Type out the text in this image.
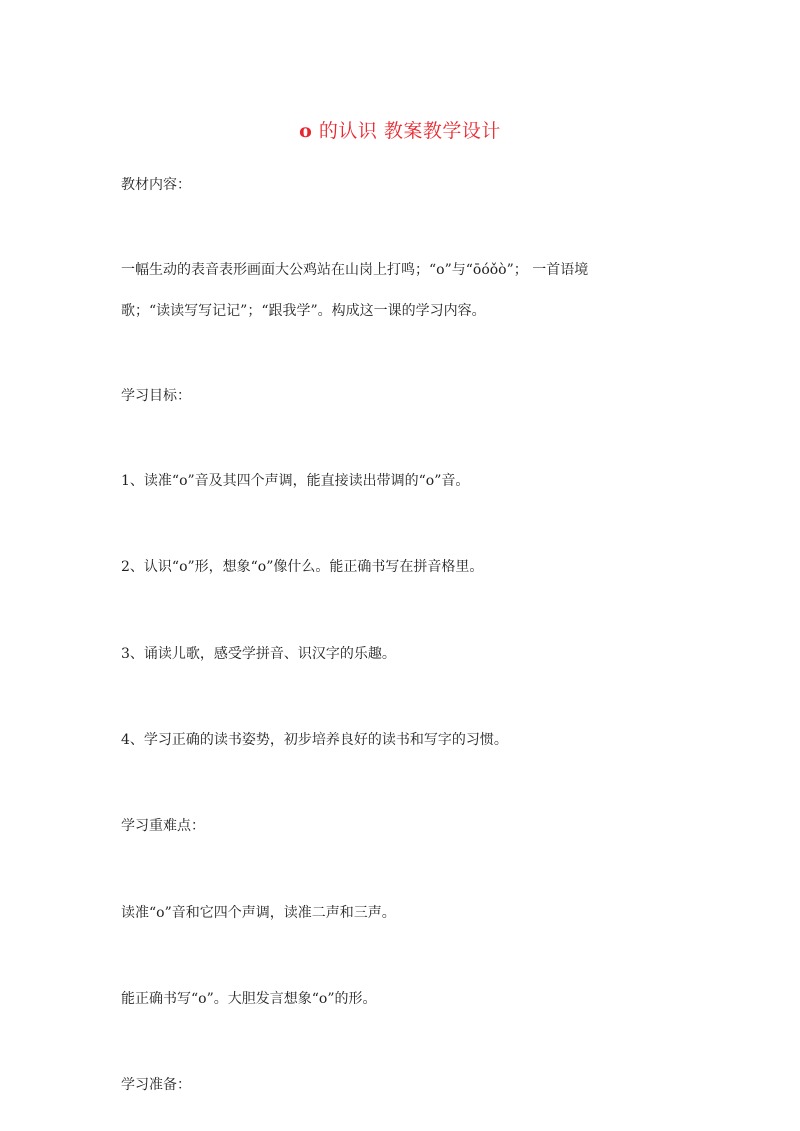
o 的认识 教案教学设计

教材内容：

一幅生动的表音表形画面大公鸡站在山岗上打鸣；“o”与“ōóǒò”； 一首语境

歌；“读读写写记记”；“跟我学”。构成这一课的学习内容。

学习目标：

1、读准“o”音及其四个声调，能直接读出带调的“o”音。

2、认识“o”形，想象“o”像什么。能正确书写在拼音格里。

3、诵读儿歌，感受学拼音、识汉字的乐趣。

4、学习正确的读书姿势，初步培养良好的读书和写字的习惯。

学习重难点：

读准“o”音和它四个声调，读准二声和三声。

能正确书写“o”。大胆发言想象“o”的形。

学习准备：
